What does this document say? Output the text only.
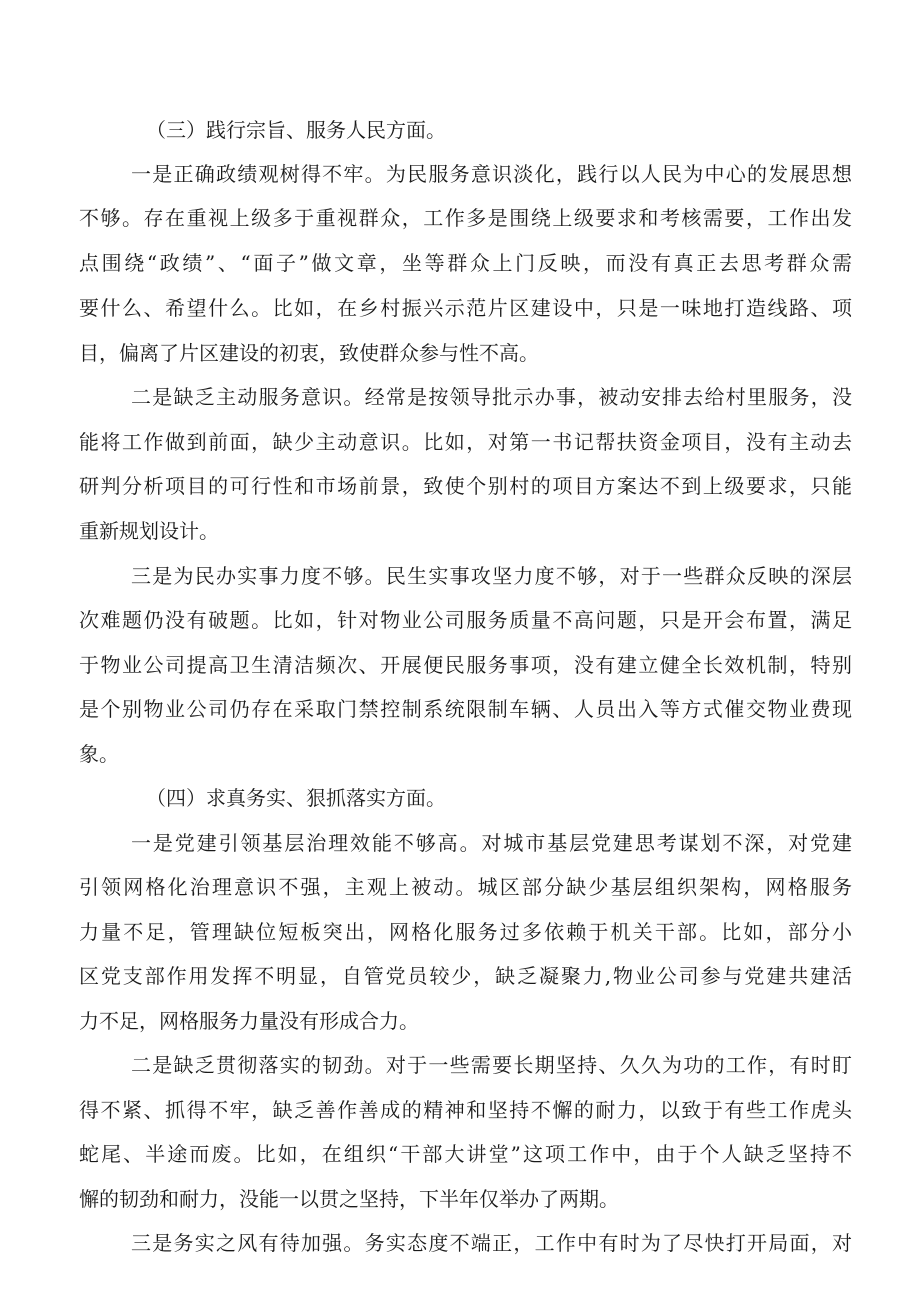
（三）践行宗旨、服务人民方面。
一是正确政绩观树得不牢。为民服务意识淡化，践行以人民为中心的发展思想
不够。存在重视上级多于重视群众，工作多是围绕上级要求和考核需要，工作出发
点围绕“政绩”、“面子”做文章，坐等群众上门反映，而没有真正去思考群众需
要什么、希望什么。比如，在乡村振兴示范片区建设中，只是一味地打造线路、项
目，偏离了片区建设的初衷，致使群众参与性不高。
二是缺乏主动服务意识。经常是按领导批示办事，被动安排去给村里服务，没
能将工作做到前面，缺少主动意识。比如，对第一书记帮扶资金项目，没有主动去
研判分析项目的可行性和市场前景，致使个别村的项目方案达不到上级要求，只能
重新规划设计。
三是为民办实事力度不够。民生实事攻坚力度不够，对于一些群众反映的深层
次难题仍没有破题。比如，针对物业公司服务质量不高问题，只是开会布置，满足
于物业公司提高卫生清洁频次、开展便民服务事项，没有建立健全长效机制，特别
是个别物业公司仍存在采取门禁控制系统限制车辆、人员出入等方式催交物业费现
象。
（四）求真务实、狠抓落实方面。
一是党建引领基层治理效能不够高。对城市基层党建思考谋划不深，对党建
引领网格化治理意识不强，主观上被动。城区部分缺少基层组织架构，网格服务
力量不足，管理缺位短板突出，网格化服务过多依赖于机关干部。比如，部分小
区党支部作用发挥不明显，自管党员较少，缺乏凝聚力,物业公司参与党建共建活
力不足，网格服务力量没有形成合力。
二是缺乏贯彻落实的韧劲。对于一些需要长期坚持、久久为功的工作，有时盯
得不紧、抓得不牢，缺乏善作善成的精神和坚持不懈的耐力，以致于有些工作虎头
蛇尾、半途而废。比如，在组织“干部大讲堂”这项工作中，由于个人缺乏坚持不
懈的韧劲和耐力，没能一以贯之坚持，下半年仅举办了两期。
三是务实之风有待加强。务实态度不端正，工作中有时为了尽快打开局面，对
